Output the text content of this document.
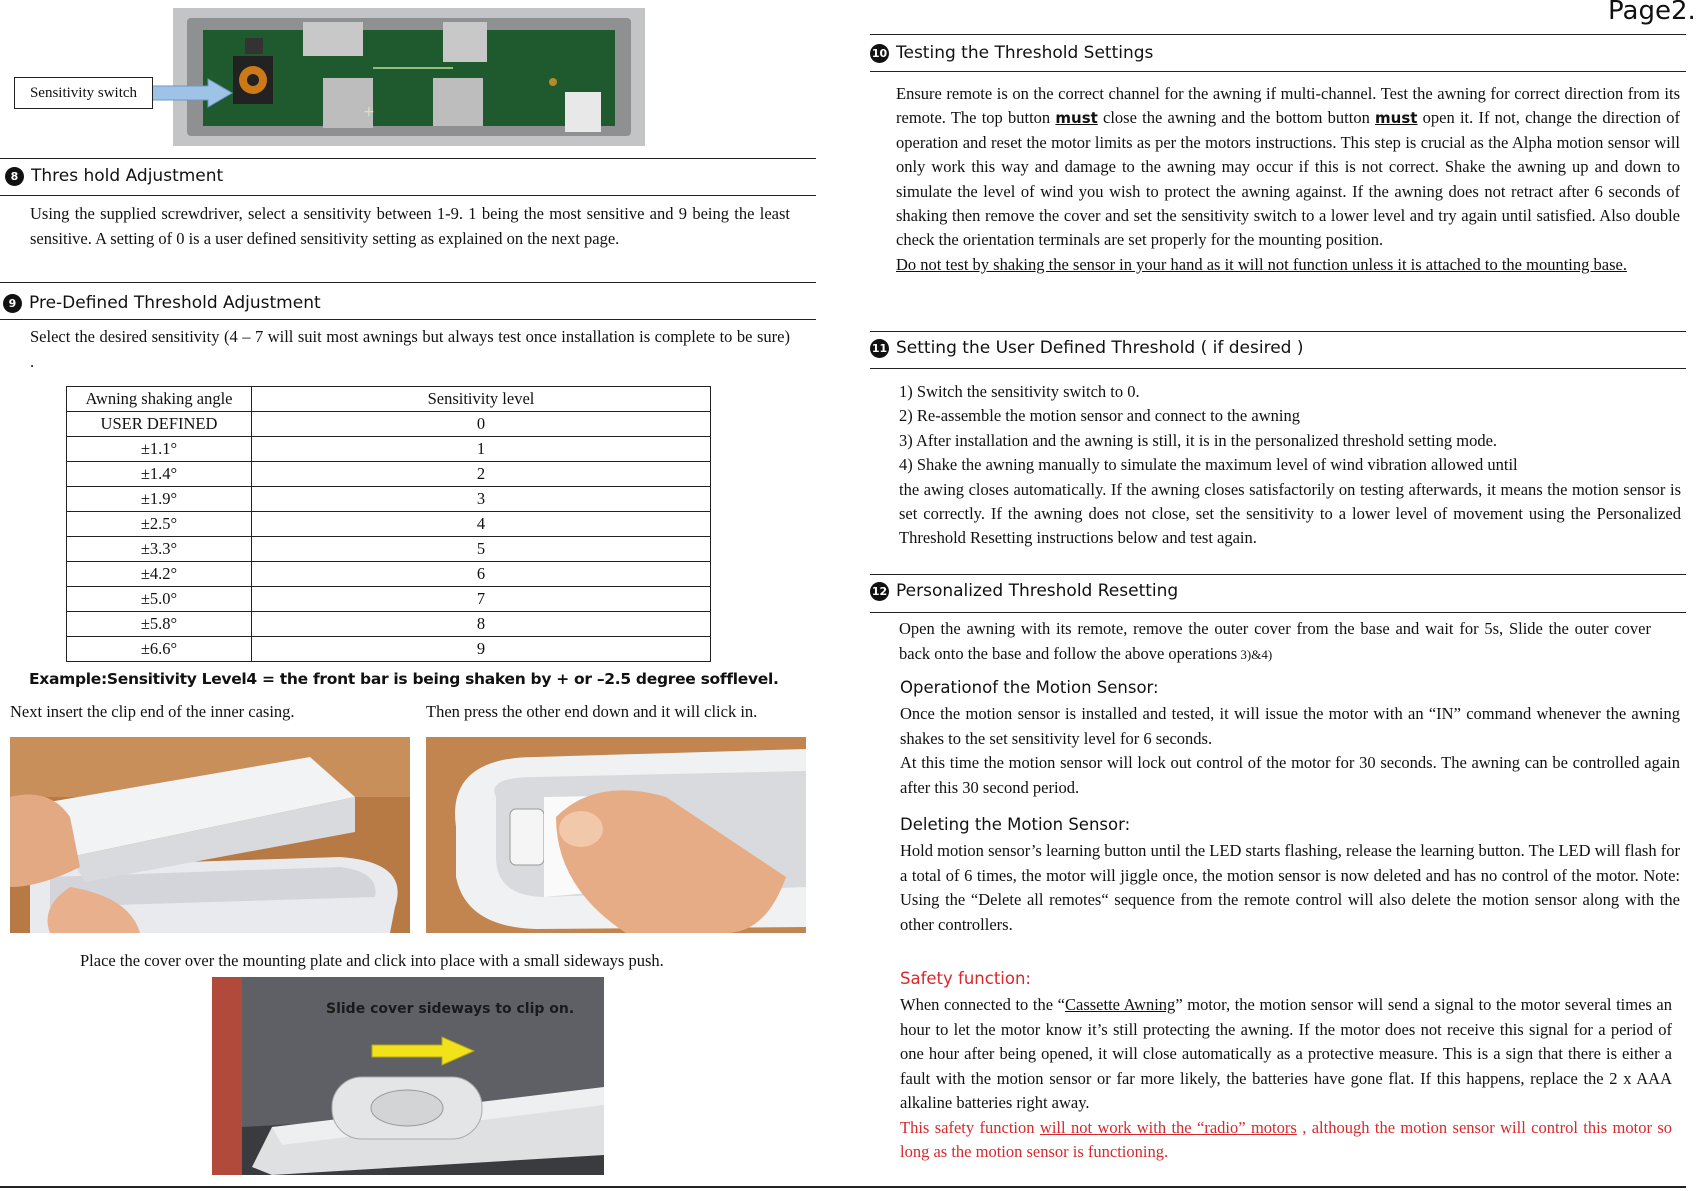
+
Sensitivity switch
8 Thres hold Adjustment
Using the supplied screwdriver, select a sensitivity between 1-9. 1 being the most sensitive and 9 being the least sensitive. A setting of 0 is a user defined sensitivity setting as explained on the next page.
9 Pre-Defined Threshold Adjustment
Select the desired sensitivity (4 – 7 will suit most awnings but always test once installation is complete to be sure) .
Awning shaking angle	Sensitivity level
USER DEFINED	0
±1.1°	1
±1.4°	2
±1.9°	3
±2.5°	4
±3.3°	5
±4.2°	6
±5.0°	7
±5.8°	8
±6.6°	9
Example:Sensitivity Level4 = the front bar is being shaken by + or –2.5 degree sofflevel.
Next insert the clip end of the inner casing.	Then press the other end down and it will click in.
Place the cover over the mounting plate and click into place with a small sideways push.
Slide cover sideways to clip on.
Page2.
10 Testing the Threshold Settings

Ensure remote is on the correct channel for the awning if multi-channel. Test the awning for correct direction from its remote. The top button must close the awning and the bottom button must open it. If not, change the direction of operation and reset the motor limits as per the motors instructions. This step is crucial as the Alpha motion sensor will only work this way and damage to the awning may occur if this is not correct. Shake the awning up and down to simulate the level of wind you wish to protect the awning against. If the awning does not retract after 6 seconds of shaking then remove the cover and set the sensitivity switch to a lower level and try again until satisfied. Also double check the orientation terminals are set properly for the mounting position.

Do not test by shaking the sensor in your hand as it will not function unless it is attached to the mounting base.

11 Setting the User Defined Threshold ( if desired )

1) Switch the sensitivity switch to 0.

2) Re-assemble the motion sensor and connect to the awning

3) After installation and the awning is still, it is in the personalized threshold setting mode.

4) Shake the awning manually to simulate the maximum level of wind vibration allowed until

the awing closes automatically. If the awning closes satisfactorily on testing afterwards, it means the motion sensor is set correctly. If the awning does not close, set the sensitivity to a lower level of movement using the Personalized Threshold Resetting instructions below and test again.

12 Personalized Threshold Resetting
Open the awning with its remote, remove the outer cover from the base and wait for 5s, Slide the outer cover back onto the base and follow the above operations 3)&4)
Operationof the Motion Sensor:

Once the motion sensor is installed and tested, it will issue the motor with an “IN” command whenever the awning shakes to the set sensitivity level for 6 seconds.

At this time the motion sensor will lock out control of the motor for 30 seconds. The awning can be controlled again after this 30 second period.

Deleting the Motion Sensor:
Hold motion sensor’s learning button until the LED starts flashing, release the learning button. The LED will flash for a total of 6 times, the motor will jiggle once, the motion sensor is now deleted and has no control of the motor. Note: Using the “Delete all remotes“ sequence from the remote control will also delete the motion sensor along with the other controllers.
Safety function:

When connected to the “Cassette Awning” motor, the motion sensor will send a signal to the motor several times an hour to let the motor know it’s still protecting the awning. If the motor does not receive this signal for a period of one hour after being opened, it will close automatically as a protective measure. This is a sign that there is either a fault with the motion sensor or far more likely, the batteries have gone flat. If this happens, replace the 2 x AAA alkaline batteries right away.

This safety function will not work with the “radio” motors , although the motion sensor will control this motor so long as the motion sensor is functioning.
